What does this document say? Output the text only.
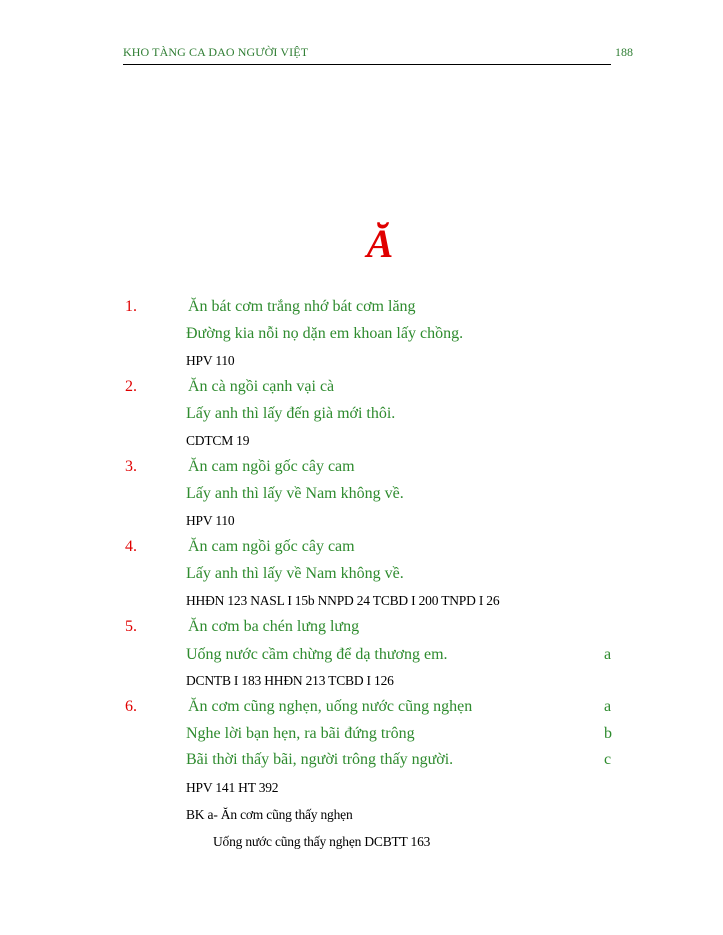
KHO TÀNG CA DAO NGƯỜI VIỆT	188
Ă
1.	Ăn bát cơm trắng nhớ bát cơm lăng
Đường kia nỗi nọ dặn em khoan lấy chồng.
HPV 110
2.	Ăn cà ngồi cạnh vại cà
Lấy anh thì lấy đến già mới thôi.
CDTCM 19
3.	Ăn cam ngồi gốc cây cam
Lấy anh thì lấy về Nam không về.
HPV 110
4.	Ăn cam ngồi gốc cây cam
Lấy anh thì lấy về Nam không về.
HHĐN 123 NASL I 15b NNPD 24 TCBD I 200 TNPD I 26
5.	Ăn cơm ba chén lưng lưng
Uống nước cầm chừng để dạ thương em.	a
DCNTB I 183 HHĐN 213 TCBD I 126
6.	Ăn cơm cũng nghẹn, uống nước cũng nghẹn	a
Nghe lời bạn hẹn, ra bãi đứng trông	b
Bãi thời thấy bãi, người trông thấy người.	c
HPV 141 HT 392
BK a- Ăn cơm cũng thấy nghẹn
Uống nước cũng thấy nghẹn DCBTT 163
